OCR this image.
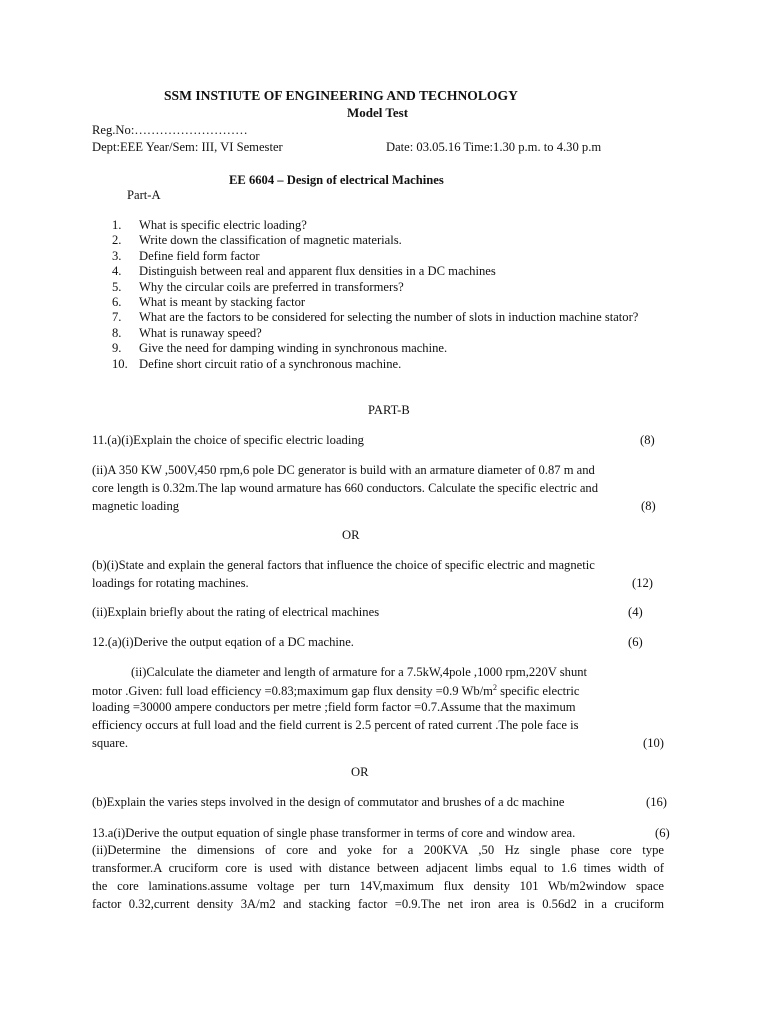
SSM INSTIUTE OF ENGINEERING AND TECHNOLOGY
Model Test
Reg.No:………………………
Dept:EEE Year/Sem: III, VI Semester	Date: 03.05.16 Time:1.30 p.m. to 4.30 p.m
EE 6604 – Design of electrical Machines
Part-A
1. What is specific electric loading?
2. Write down the classification of magnetic materials.
3. Define field form factor
4. Distinguish between real and apparent flux densities in a DC machines
5. Why the circular coils are preferred in transformers?
6. What is meant by stacking factor
7. What are the factors to be considered for selecting the number of slots in induction machine stator?
8. What is runaway speed?
9. Give the need for damping winding in synchronous machine.
10. Define short circuit ratio of a synchronous machine.
PART-B
11.(a)(i)Explain the choice of specific electric loading	(8)
(ii)A 350 KW ,500V,450 rpm,6 pole DC generator is build with an armature diameter of 0.87 m and
core length is 0.32m.The lap wound armature has 660 conductors. Calculate the specific electric and
magnetic loading	(8)
OR
(b)(i)State and explain the general factors that influence the choice of specific electric and magnetic
loadings for rotating machines.	(12)
(ii)Explain briefly about the rating of electrical machines	(4)
12.(a)(i)Derive the output eqation of a DC machine.	(6)
(ii)Calculate the diameter and length of armature for a 7.5kW,4pole ,1000 rpm,220V shunt
motor .Given: full load efficiency =0.83;maximum gap flux density =0.9 $Wb/m^2$ specific electric
loading =30000 ampere conductors per metre ;field form factor =0.7.Assume that the maximum
efficiency occurs at full load and the field current is 2.5 percent of rated current .The pole face is
square.	(10)
OR
(b)Explain the varies steps involved in the design of commutator and brushes of a dc machine	(16)
13.a(i)Derive the output equation of single phase transformer in terms of core and window area.	(6)
(ii)Determine the dimensions of core and yoke for a 200KVA ,50 Hz single phase core type
transformer.A cruciform core is used with distance between adjacent limbs equal to 1.6 times width of
the core laminations.assume voltage per turn 14V,maximum flux density 101 Wb/m2window space
factor 0.32,current density 3A/m2 and stacking factor =0.9.The net iron area is 0.56d2 in a cruciform
